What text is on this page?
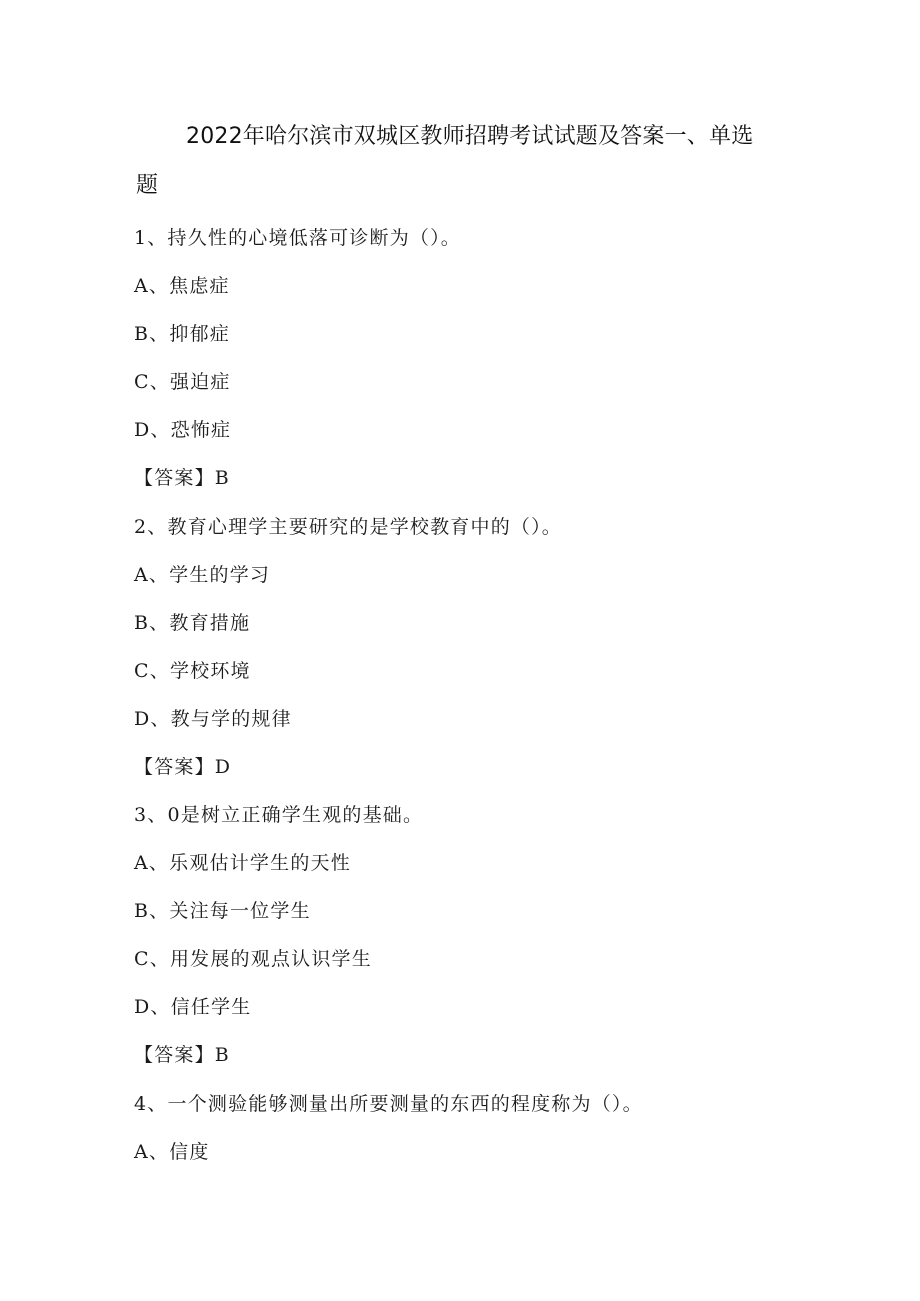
2022年哈尔滨市双城区教师招聘考试试题及答案一、单选
题
1、持久性的心境低落可诊断为（）。
A、焦虑症
B、抑郁症
C、强迫症
D、恐怖症
【答案】B
2、教育心理学主要研究的是学校教育中的（）。
A、学生的学习
B、教育措施
C、学校环境
D、教与学的规律
【答案】D
3、0是树立正确学生观的基础。
A、乐观估计学生的天性
B、关注每一位学生
C、用发展的观点认识学生
D、信任学生
【答案】B
4、一个测验能够测量出所要测量的东西的程度称为（）。
A、信度
